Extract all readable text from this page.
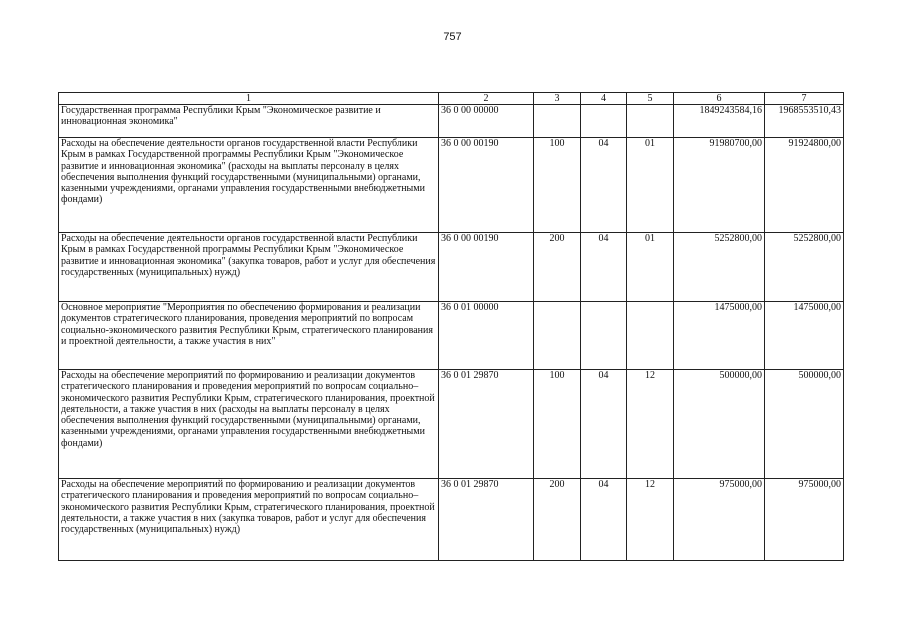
757
1	2	3	4	5	6	7
Государственная программа Республики Крым "Экономическое развитие и инновационная экономика"	36 0 00 00000				1849243584,16	1968553510,43
Расходы на обеспечение деятельности органов государственной власти Республики Крым в рамках Государственной программы Республики Крым "Экономическое развитие и инновационная экономика" (расходы на выплаты персоналу в целях обеспечения выполнения функций государственными (муниципальными) органами, казенными учреждениями, органами управления государственными внебюджетными фондами)	36 0 00 00190	100	04	01	91980700,00	91924800,00
Расходы на обеспечение деятельности органов государственной власти Республики Крым в рамках Государственной программы Республики Крым "Экономическое развитие и инновационная экономика" (закупка товаров, работ и услуг для обеспечения государственных (муниципальных) нужд)	36 0 00 00190	200	04	01	5252800,00	5252800,00
Основное мероприятие "Мероприятия по обеспечению формирования и реализации документов стратегического планирования, проведения мероприятий по вопросам социально-экономического развития Республики Крым, стратегического планирования и проектной деятельности, а также участия в них"	36 0 01 00000				1475000,00	1475000,00
Расходы на обеспечение мероприятий по формированию и реализации документов стратегического планирования и проведения мероприятий по вопросам социально–экономического развития Республики Крым, стратегического планирования, проектной деятельности, а также участия в них (расходы на выплаты персоналу в целях обеспечения выполнения функций государственными (муниципальными) органами, казенными учреждениями, органами управления государственными внебюджетными фондами)	36 0 01 29870	100	04	12	500000,00	500000,00
Расходы на обеспечение мероприятий по формированию и реализации документов стратегического планирования и проведения мероприятий по вопросам социально–экономического развития Республики Крым, стратегического планирования, проектной деятельности, а также участия в них (закупка товаров, работ и услуг для обеспечения государственных (муниципальных) нужд)	36 0 01 29870	200	04	12	975000,00	975000,00
